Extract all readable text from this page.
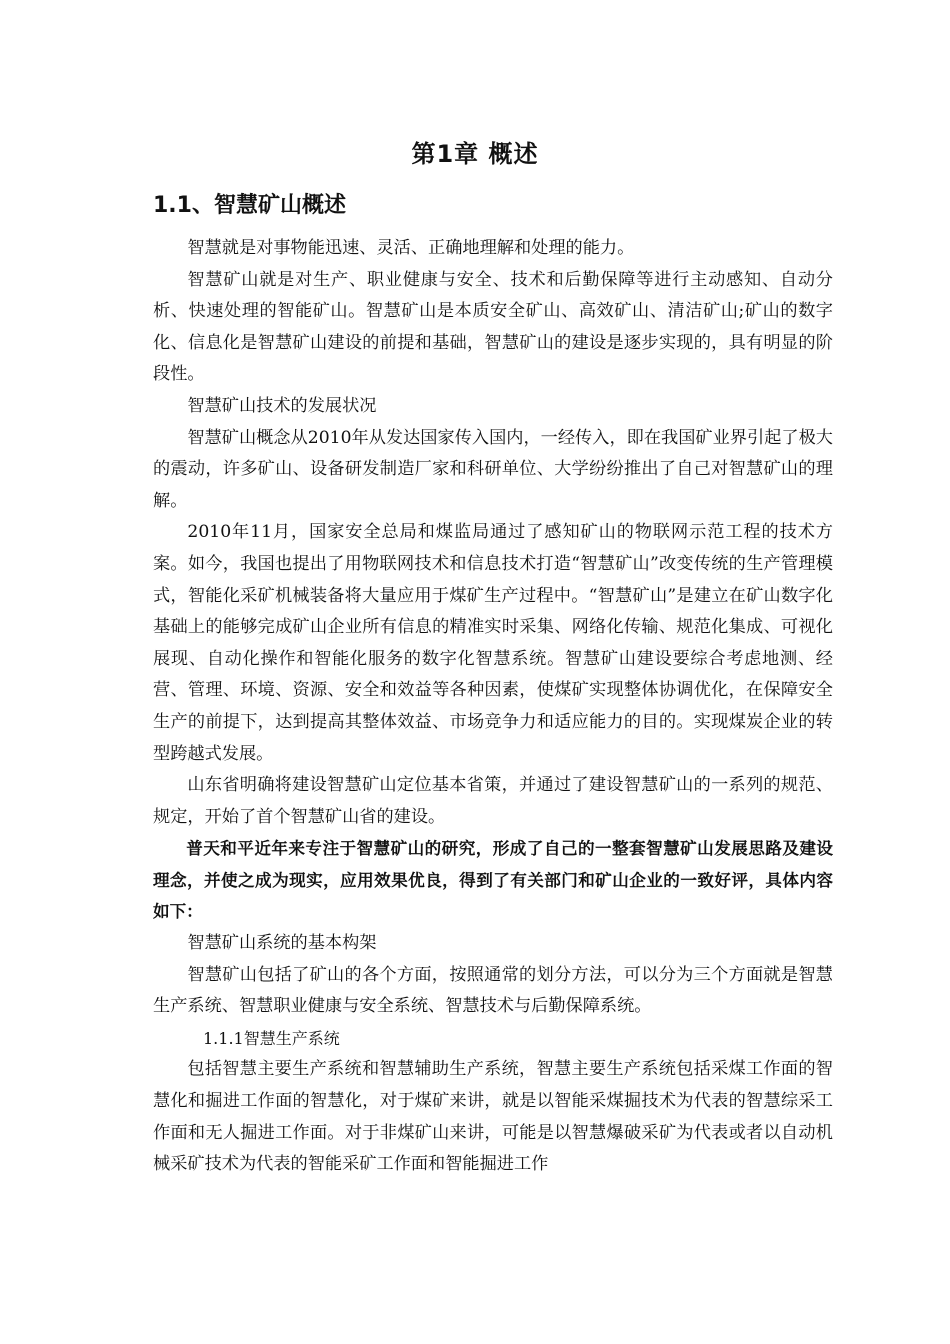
第1章 概述
1.1、智慧矿山概述

智慧就是对事物能迅速、灵活、正确地理解和处理的能力。

智慧矿山就是对生产、职业健康与安全、技术和后勤保障等进行主动感知、自动分析、快速处理的智能矿山。智慧矿山是本质安全矿山、高效矿山、清洁矿山;矿山的数字化、信息化是智慧矿山建设的前提和基础，智慧矿山的建设是逐步实现的，具有明显的阶段性。

智慧矿山技术的发展状况

智慧矿山概念从2010年从发达国家传入国内，一经传入，即在我国矿业界引起了极大的震动，许多矿山、设备研发制造厂家和科研单位、大学纷纷推出了自己对智慧矿山的理解。

2010年11月，国家安全总局和煤监局通过了感知矿山的物联网示范工程的技术方案。如今，我国也提出了用物联网技术和信息技术打造“智慧矿山”改变传统的生产管理模式，智能化采矿机械装备将大量应用于煤矿生产过程中。“智慧矿山”是建立在矿山数字化基础上的能够完成矿山企业所有信息的精准实时采集、网络化传输、规范化集成、可视化展现、自动化操作和智能化服务的数字化智慧系统。智慧矿山建设要综合考虑地测、经营、管理、环境、资源、安全和效益等各种因素，使煤矿实现整体协调优化，在保障安全生产的前提下，达到提高其整体效益、市场竞争力和适应能力的目的。实现煤炭企业的转型跨越式发展。

山东省明确将建设智慧矿山定位基本省策，并通过了建设智慧矿山的一系列的规范、规定，开始了首个智慧矿山省的建设。

普天和平近年来专注于智慧矿山的研究，形成了自己的一整套智慧矿山发展思路及建设理念，并使之成为现实，应用效果优良，得到了有关部门和矿山企业的一致好评，具体内容如下：

智慧矿山系统的基本构架

智慧矿山包括了矿山的各个方面，按照通常的划分方法，可以分为三个方面就是智慧生产系统、智慧职业健康与安全系统、智慧技术与后勤保障系统。

1.1.1智慧生产系统

包括智慧主要生产系统和智慧辅助生产系统，智慧主要生产系统包括采煤工作面的智慧化和掘进工作面的智慧化，对于煤矿来讲，就是以智能采煤掘技术为代表的智慧综采工作面和无人掘进工作面。对于非煤矿山来讲，可能是以智慧爆破采矿为代表或者以自动机械采矿技术为代表的智能采矿工作面和智能掘进工作
